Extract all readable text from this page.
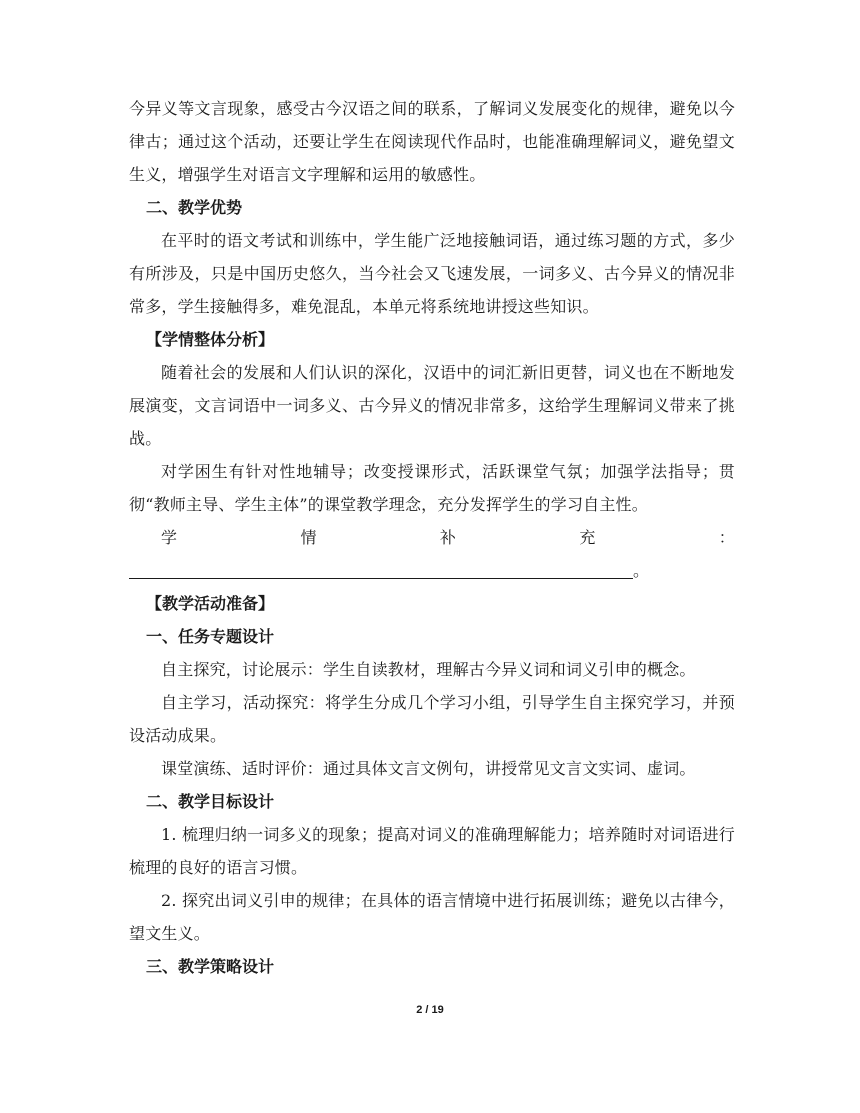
今异义等文言现象，感受古今汉语之间的联系，了解词义发展变化的规律，避免以今律古；通过这个活动，还要让学生在阅读现代作品时，也能准确理解词义，避免望文生义，增强学生对语言文字理解和运用的敏感性。

二、教学优势

在平时的语文考试和训练中，学生能广泛地接触词语，通过练习题的方式，多少有所涉及，只是中国历史悠久，当今社会又飞速发展，一词多义、古今异义的情况非常多，学生接触得多，难免混乱，本单元将系统地讲授这些知识。

【学情整体分析】

随着社会的发展和人们认识的深化，汉语中的词汇新旧更替，词义也在不断地发展演变，文言词语中一词多义、古今异义的情况非常多，这给学生理解词义带来了挑战。

对学困生有针对性地辅导；改变授课形式，活跃课堂气氛；加强学法指导；贯彻“教师主导、学生主体”的课堂教学理念，充分发挥学生的学习自主性。

学情补充：。

【教学活动准备】

一、任务专题设计

自主探究，讨论展示：学生自读教材，理解古今异义词和词义引申的概念。

自主学习，活动探究：将学生分成几个学习小组，引导学生自主探究学习，并预设活动成果。

课堂演练、适时评价：通过具体文言文例句，讲授常见文言文实词、虚词。

二、教学目标设计

1. 梳理归纳一词多义的现象；提高对词义的准确理解能力；培养随时对词语进行梳理的良好的语言习惯。

2. 探究出词义引申的规律；在具体的语言情境中进行拓展训练；避免以古律今，望文生义。

三、教学策略设计

2 / 19
